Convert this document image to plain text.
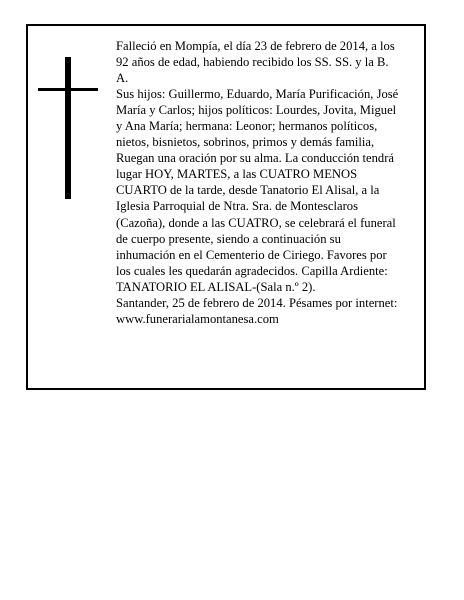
Falleció en Mompía, el día 23 de febrero de 2014, a los
92 años de edad, habiendo recibido los SS. SS. y la B.
A.
Sus hijos: Guillermo, Eduardo, María Purificación, José
María y Carlos; hijos políticos: Lourdes, Jovita, Miguel
y Ana María; hermana: Leonor; hermanos políticos,
nietos, bisnietos, sobrinos, primos y demás familia,
Ruegan una oración por su alma. La conducción tendrá
lugar HOY, MARTES, a las CUATRO MENOS
CUARTO de la tarde, desde Tanatorio El Alisal, a la
Iglesia Parroquial de Ntra. Sra. de Montesclaros
(Cazoña), donde a las CUATRO, se celebrará el funeral
de cuerpo presente, siendo a continuación su
inhumación en el Cementerio de Ciriego. Favores por
los cuales les quedarán agradecidos. Capilla Ardiente:
TANATORIO EL ALISAL-(Sala n.º 2).
Santander, 25 de febrero de 2014. Pésames por internet:
www.funerarialamontanesa.com
